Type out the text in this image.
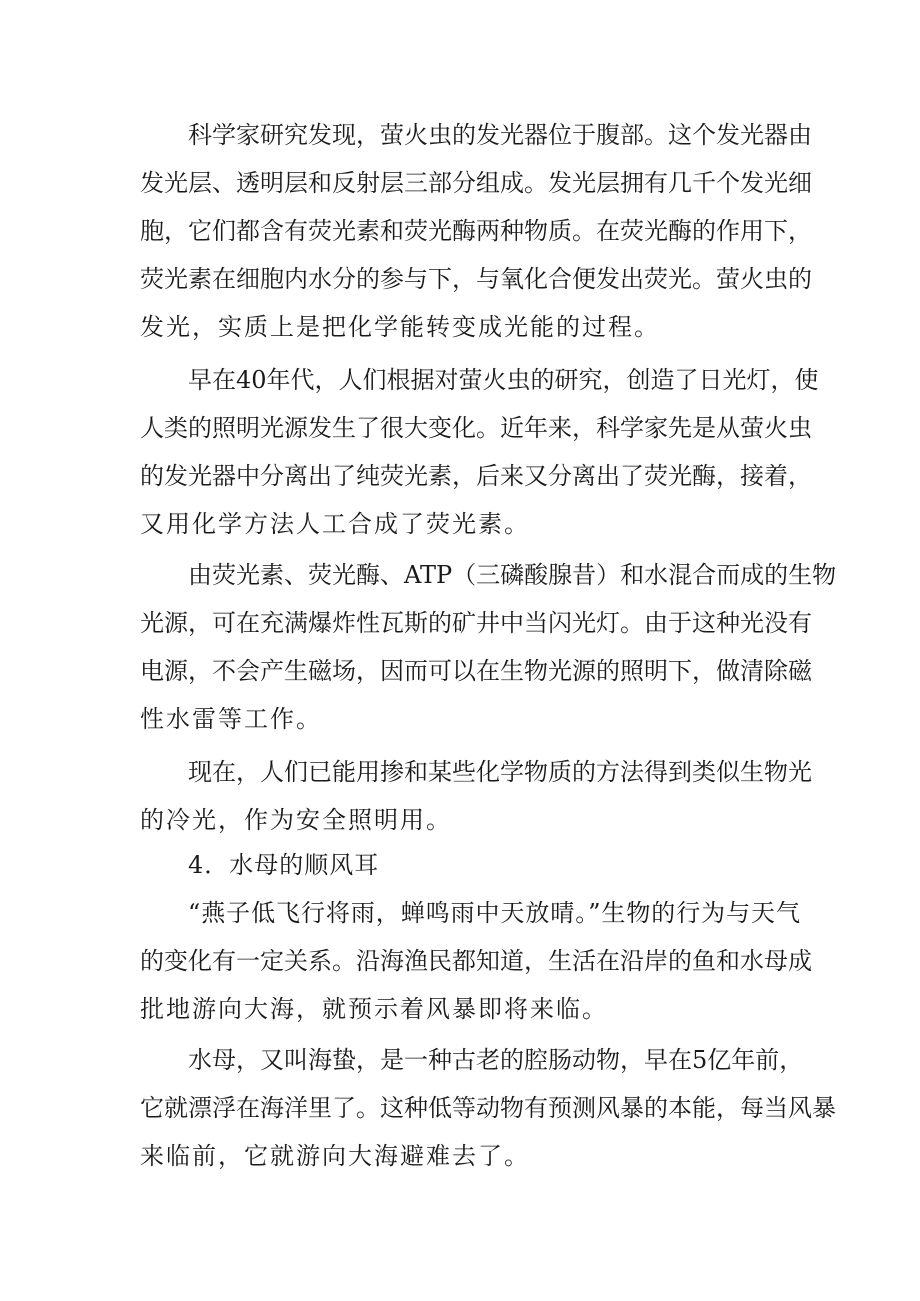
科学家研究发现，萤火虫的发光器位于腹部。这个发光器由

发光层、透明层和反射层三部分组成。发光层拥有几千个发光细

胞，它们都含有荧光素和荧光酶两种物质。在荧光酶的作用下，

荧光素在细胞内水分的参与下，与氧化合便发出荧光。萤火虫的

发光，实质上是把化学能转变成光能的过程。

早在40年代，人们根据对萤火虫的研究，创造了日光灯，使

人类的照明光源发生了很大变化。近年来，科学家先是从萤火虫

的发光器中分离出了纯荧光素，后来又分离出了荧光酶，接着，

又用化学方法人工合成了荧光素。

由荧光素、荧光酶、ATP（三磷酸腺昔）和水混合而成的生物

光源，可在充满爆炸性瓦斯的矿井中当闪光灯。由于这种光没有

电源，不会产生磁场，因而可以在生物光源的照明下，做清除磁

性水雷等工作。

现在，人们已能用掺和某些化学物质的方法得到类似生物光

的冷光，作为安全照明用。

4．水母的顺风耳

“燕子低飞行将雨，蝉鸣雨中天放晴。”生物的行为与天气

的变化有一定关系。沿海渔民都知道，生活在沿岸的鱼和水母成

批地游向大海，就预示着风暴即将来临。

水母，又叫海蛰，是一种古老的腔肠动物，早在5亿年前，

它就漂浮在海洋里了。这种低等动物有预测风暴的本能，每当风暴

来临前，它就游向大海避难去了。
